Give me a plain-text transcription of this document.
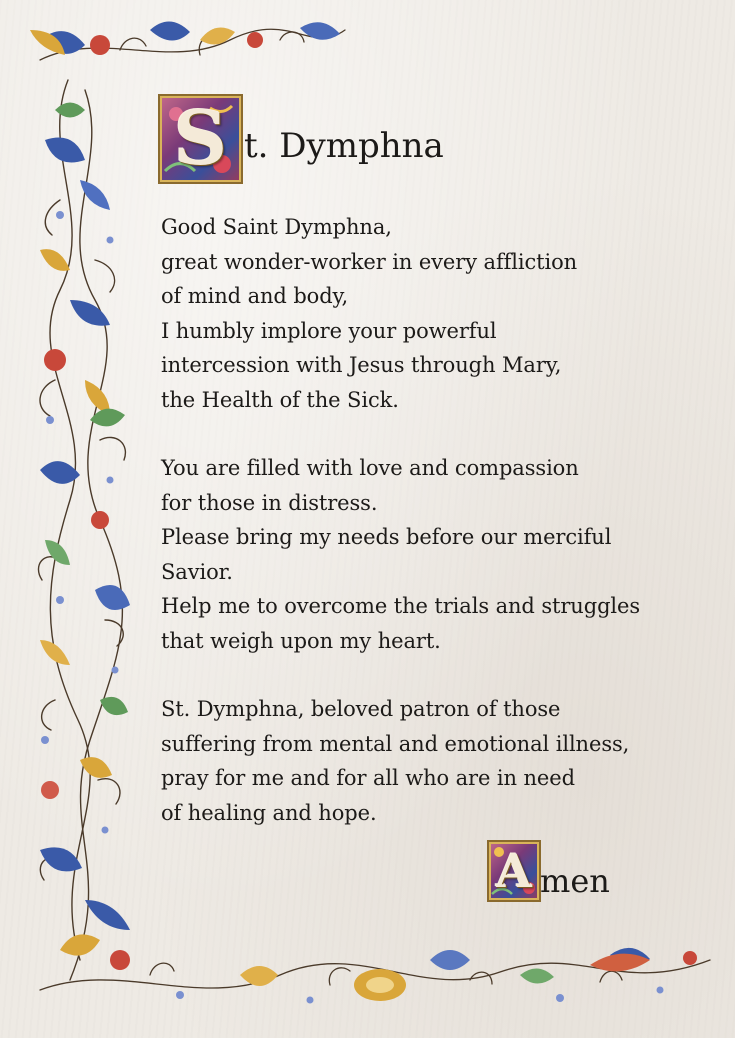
S t. Dymphna
Good Saint Dymphna,
great wonder-worker in every affliction
of mind and body,
I humbly implore your powerful
intercession with Jesus through Mary,
the Health of the Sick.
You are filled with love and compassion
for those in distress.
Please bring my needs before our merciful
Savior.
Help me to overcome the trials and struggles
that weigh upon my heart.
St. Dymphna, beloved patron of those
suffering from mental and emotional illness,
pray for me and for all who are in need
of healing and hope.
A men
